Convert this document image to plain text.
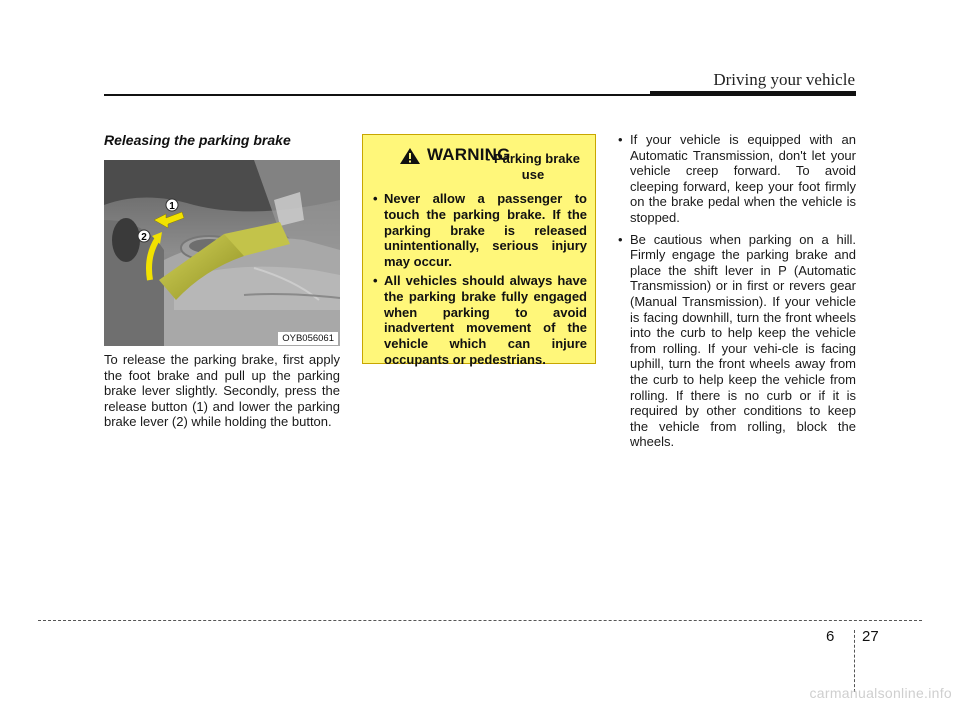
Driving your vehicle
Releasing the parking brake
1
2
OYB056061

To release the parking brake, first apply the foot brake and pull up the parking brake lever slightly. Secondly, press the release button (1) and lower the parking brake lever (2) while holding the button.

WARNING
- Parking brake use
• Never allow a passenger to touch the parking brake. If the parking brake is released unintentionally, serious injury may occur.
• All vehicles should always have the parking brake fully engaged when parking to avoid inadvertent movement of the vehicle which can injure occupants or pedestrians.
• If your vehicle is equipped with an Automatic Transmission, don't let your vehicle creep forward. To avoid cleeping forward, keep your foot firmly on the brake pedal when the vehicle is stopped.
• Be cautious when parking on a hill. Firmly engage the parking brake and place the shift lever in P (Automatic Transmission) or in first or revers gear (Manual Transmission). If your vehicle is facing downhill, turn the front wheels into the curb to help keep the vehicle from rolling. If your vehi-cle is facing uphill, turn the front wheels away from the curb to help keep the vehicle from rolling. If there is no curb or if it is required by other conditions to keep the vehicle from rolling, block the wheels.
6 27
carmanualsonline.info
